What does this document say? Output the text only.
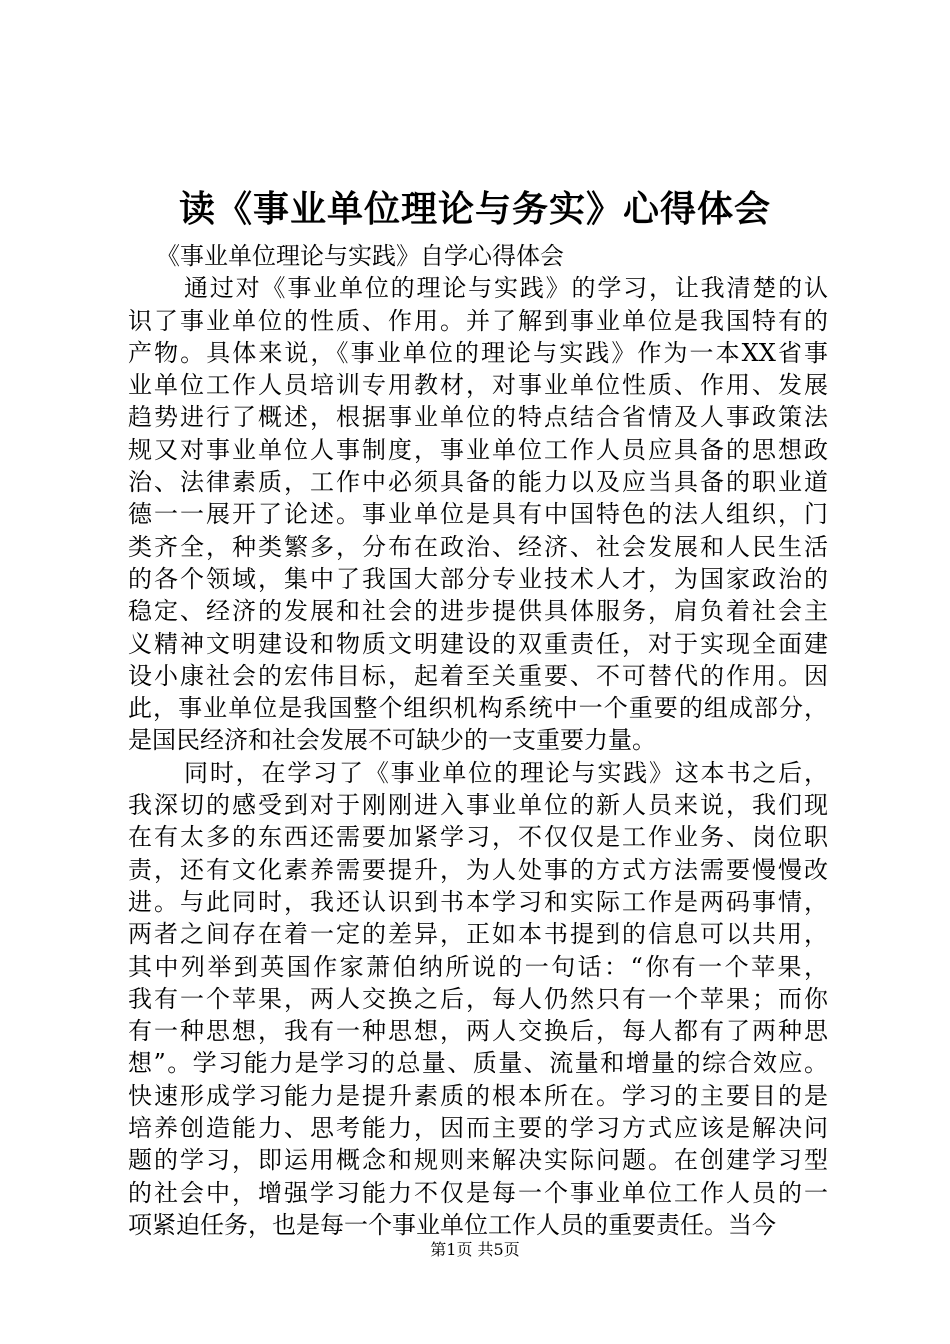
读《事业单位理论与务实》心得体会
《事业单位理论与实践》自学心得体会
通过对《事业单位的理论与实践》的学习，让我清楚的认
识了事业单位的性质、作用。并了解到事业单位是我国特有的
产物。具体来说，《事业单位的理论与实践》作为一本XX省事
业单位工作人员培训专用教材，对事业单位性质、作用、发展
趋势进行了概述，根据事业单位的特点结合省情及人事政策法
规又对事业单位人事制度，事业单位工作人员应具备的思想政
治、法律素质，工作中必须具备的能力以及应当具备的职业道
德一一展开了论述。事业单位是具有中国特色的法人组织，门
类齐全，种类繁多，分布在政治、经济、社会发展和人民生活
的各个领域，集中了我国大部分专业技术人才，为国家政治的
稳定、经济的发展和社会的进步提供具体服务，肩负着社会主
义精神文明建设和物质文明建设的双重责任，对于实现全面建
设小康社会的宏伟目标，起着至关重要、不可替代的作用。因
此，事业单位是我国整个组织机构系统中一个重要的组成部分，
是国民经济和社会发展不可缺少的一支重要力量。
同时，在学习了《事业单位的理论与实践》这本书之后，
我深切的感受到对于刚刚进入事业单位的新人员来说，我们现
在有太多的东西还需要加紧学习，不仅仅是工作业务、岗位职
责，还有文化素养需要提升，为人处事的方式方法需要慢慢改
进。与此同时，我还认识到书本学习和实际工作是两码事情，
两者之间存在着一定的差异，正如本书提到的信息可以共用，
其中列举到英国作家萧伯纳所说的一句话：“你有一个苹果，
我有一个苹果，两人交换之后，每人仍然只有一个苹果；而你
有一种思想，我有一种思想，两人交换后，每人都有了两种思
想”。学习能力是学习的总量、质量、流量和增量的综合效应。
快速形成学习能力是提升素质的根本所在。学习的主要目的是
培养创造能力、思考能力，因而主要的学习方式应该是解决问
题的学习，即运用概念和规则来解决实际问题。在创建学习型
的社会中，增强学习能力不仅是每一个事业单位工作人员的一
项紧迫任务，也是每一个事业单位工作人员的重要责任。当今
第1页 共5页
